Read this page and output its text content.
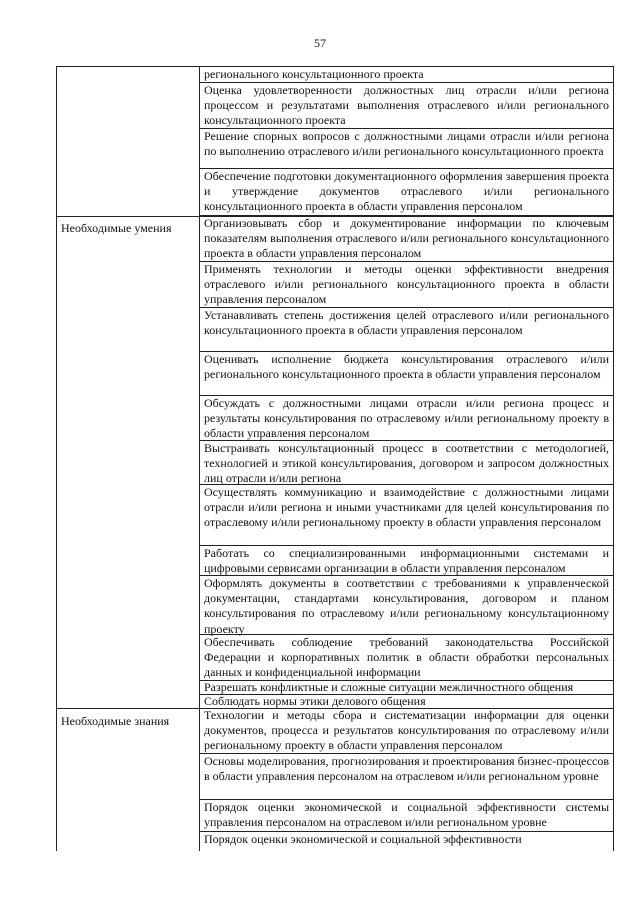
57
Необходимые умения
Необходимые знания
регионального консультационного проекта
Оценка удовлетворенности должностных лиц отрасли и/или региона процессом и результатами выполнения отраслевого и/или регионального консультационного проекта
Решение спорных вопросов с должностными лицами отрасли и/или региона по выполнению отраслевого и/или регионального консультационного проекта
Обеспечение подготовки документационного оформления завершения проекта и утверждение документов отраслевого и/или регионального консультационного проекта в области управления персоналом
Организовывать сбор и документирование информации по ключевым показателям выполнения отраслевого и/или регионального консультационного проекта в области управления персоналом
Применять технологии и методы оценки эффективности внедрения отраслевого и/или регионального консультационного проекта в области управления персоналом
Устанавливать степень достижения целей отраслевого и/или регионального консультационного проекта в области управления персоналом
Оценивать исполнение бюджета консультирования отраслевого и/или регионального консультационного проекта в области управления персоналом
Обсуждать с должностными лицами отрасли и/или региона процесс и результаты консультирования по отраслевому и/или региональному проекту в области управления персоналом
Выстраивать консультационный процесс в соответствии с методологией, технологией и этикой консультирования, договором и запросом должностных лиц отрасли и/или региона
Осуществлять коммуникацию и взаимодействие с должностными лицами отрасли и/или региона и иными участниками для целей консультирования по отраслевому и/или региональному проекту в области управления персоналом
Работать со специализированными информационными системами и цифровыми сервисами организации в области управления персоналом
Оформлять документы в соответствии с требованиями к управленческой документации, стандартами консультирования, договором и планом консультирования по отраслевому и/или региональному консультационному проекту
Обеспечивать соблюдение требований законодательства Российской Федерации и корпоративных политик в области обработки персональных данных и конфиденциальной информации
Разрешать конфликтные и сложные ситуации межличностного общения
Соблюдать нормы этики делового общения
Технологии и методы сбора и систематизации информации для оценки документов, процесса и результатов консультирования по отраслевому и/или региональному проекту в области управления персоналом
Основы моделирования, прогнозирования и проектирования бизнес-процессов в области управления персоналом на отраслевом и/или региональном уровне
Порядок оценки экономической и социальной эффективности системы управления персоналом на отраслевом и/или региональном уровне
Порядок оценки экономической и социальной эффективности
